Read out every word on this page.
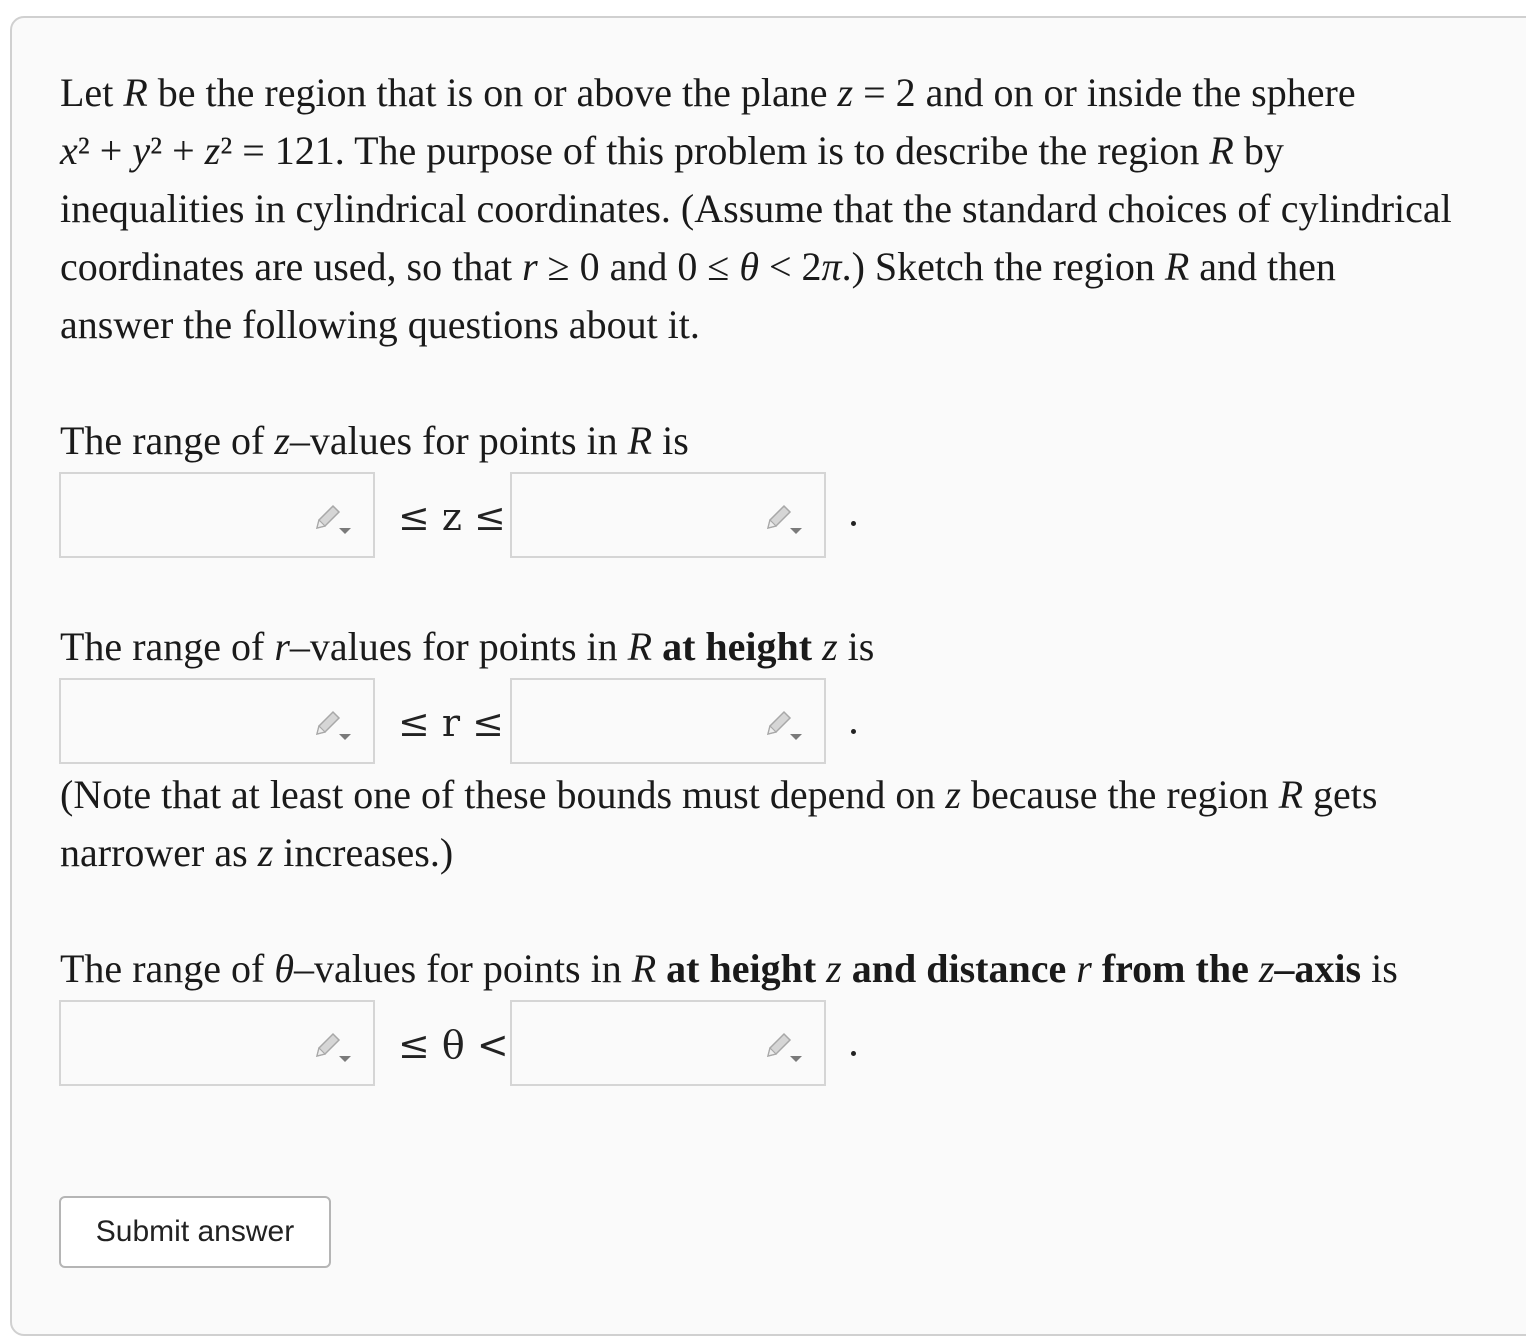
Let R be the region that is on or above the plane z = 2 and on or inside the sphere
x² + y² + z² = 121. The purpose of this problem is to describe the region R by
inequalities in cylindrical coordinates. (Assume that the standard choices of cylindrical
coordinates are used, so that r ≥ 0 and 0 ≤ θ < 2π.) Sketch the region R and then
answer the following questions about it.
The range of z–values for points in R is
≤ z ≤
The range of r–values for points in R at height z is
≤ r ≤
(Note that at least one of these bounds must depend on z because the region R gets
narrower as z increases.)
The range of θ–values for points in R at height z and distance r from the z–axis is
≤ θ <
Submit answer
